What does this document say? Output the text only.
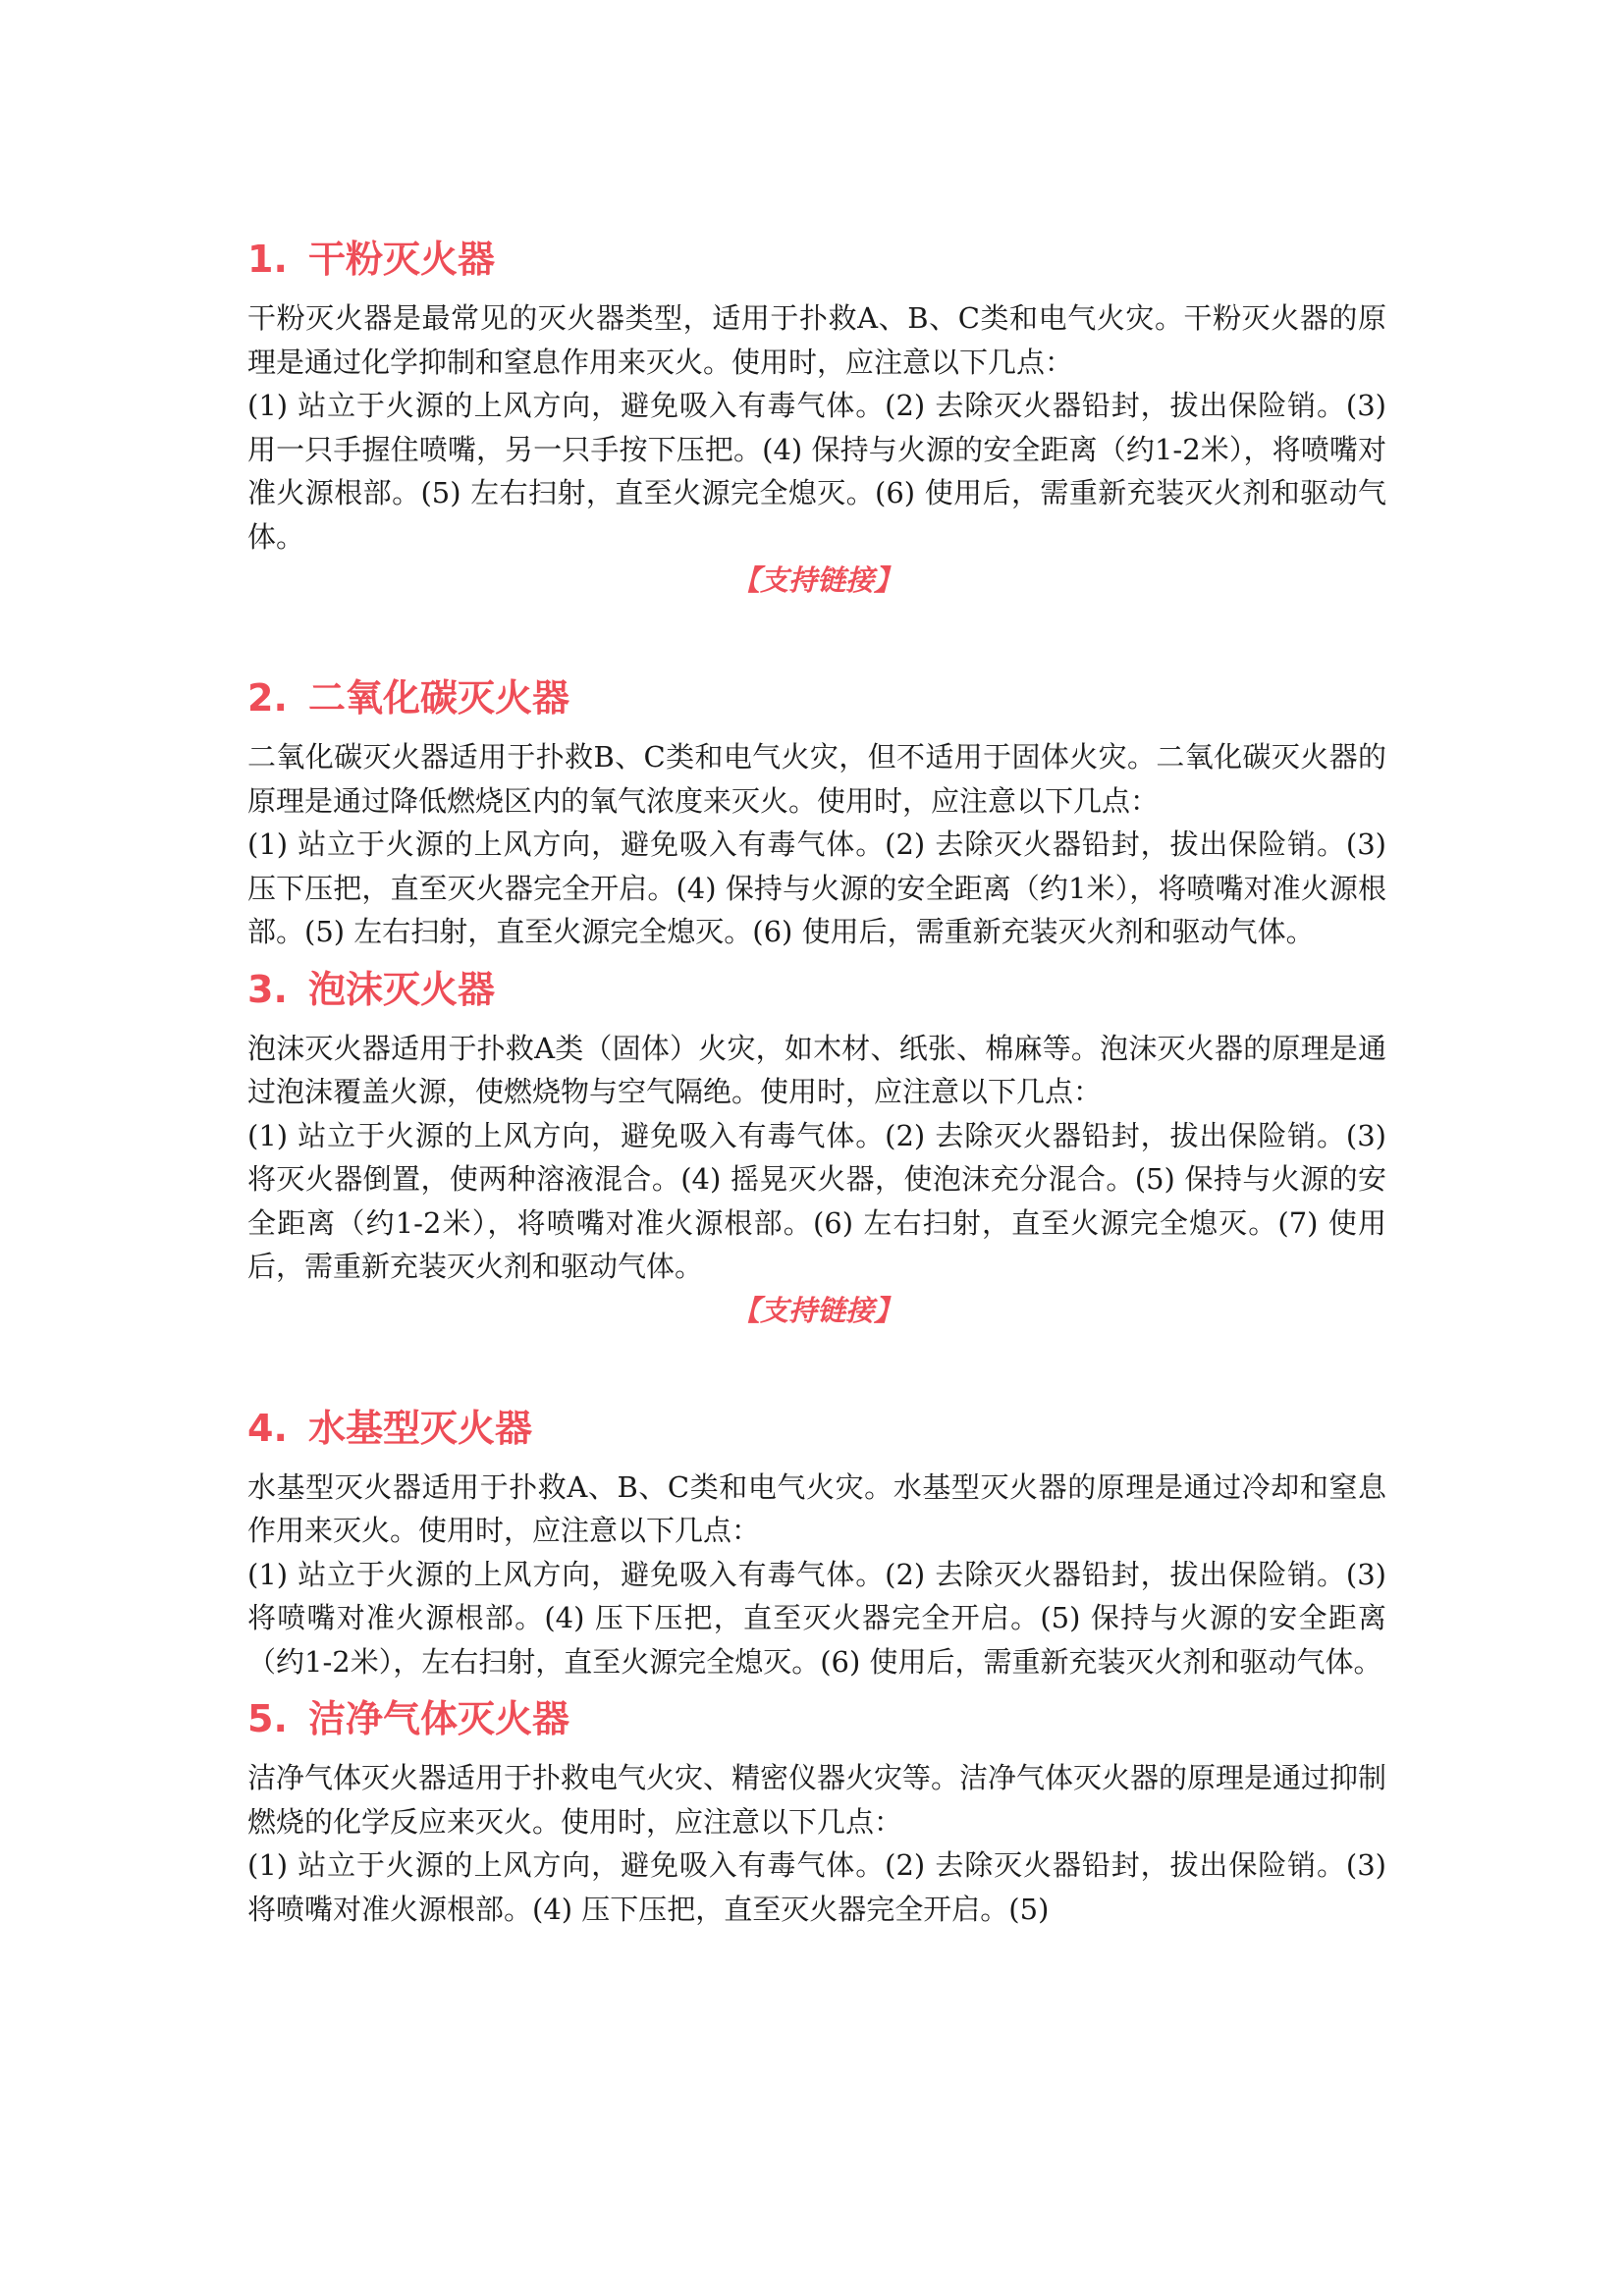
1. 干粉灭火器

干粉灭火器是最常见的灭火器类型，适用于扑救A、B、C类和电气火灾。干粉灭火器的原理是通过化学抑制和窒息作用来灭火。使用时，应注意以下几点：

(1) 站立于火源的上风方向，避免吸入有毒气体。(2) 去除灭火器铅封，拔出保险销。(3) 用一只手握住喷嘴，另一只手按下压把。(4) 保持与火源的安全距离（约1-2米），将喷嘴对准火源根部。(5) 左右扫射，直至火源完全熄灭。(6) 使用后，需重新充装灭火剂和驱动气体。

【支持链接】
2. 二氧化碳灭火器

二氧化碳灭火器适用于扑救B、C类和电气火灾，但不适用于固体火灾。二氧化碳灭火器的原理是通过降低燃烧区内的氧气浓度来灭火。使用时，应注意以下几点：

(1) 站立于火源的上风方向，避免吸入有毒气体。(2) 去除灭火器铅封，拔出保险销。(3) 压下压把，直至灭火器完全开启。(4) 保持与火源的安全距离（约1米），将喷嘴对准火源根部。(5) 左右扫射，直至火源完全熄灭。(6) 使用后，需重新充装灭火剂和驱动气体。

3. 泡沫灭火器

泡沫灭火器适用于扑救A类（固体）火灾，如木材、纸张、棉麻等。泡沫灭火器的原理是通过泡沫覆盖火源，使燃烧物与空气隔绝。使用时，应注意以下几点：

(1) 站立于火源的上风方向，避免吸入有毒气体。(2) 去除灭火器铅封，拔出保险销。(3) 将灭火器倒置，使两种溶液混合。(4) 摇晃灭火器，使泡沫充分混合。(5) 保持与火源的安全距离（约1-2米），将喷嘴对准火源根部。(6) 左右扫射，直至火源完全熄灭。(7) 使用后，需重新充装灭火剂和驱动气体。

【支持链接】
4. 水基型灭火器

水基型灭火器适用于扑救A、B、C类和电气火灾。水基型灭火器的原理是通过冷却和窒息作用来灭火。使用时，应注意以下几点：

(1) 站立于火源的上风方向，避免吸入有毒气体。(2) 去除灭火器铅封，拔出保险销。(3) 将喷嘴对准火源根部。(4) 压下压把，直至灭火器完全开启。(5) 保持与火源的安全距离（约1-2米），左右扫射，直至火源完全熄灭。(6) 使用后，需重新充装灭火剂和驱动气体。

5. 洁净气体灭火器

洁净气体灭火器适用于扑救电气火灾、精密仪器火灾等。洁净气体灭火器的原理是通过抑制燃烧的化学反应来灭火。使用时，应注意以下几点：

(1) 站立于火源的上风方向，避免吸入有毒气体。(2) 去除灭火器铅封，拔出保险销。(3) 将喷嘴对准火源根部。(4) 压下压把，直至灭火器完全开启。(5)
